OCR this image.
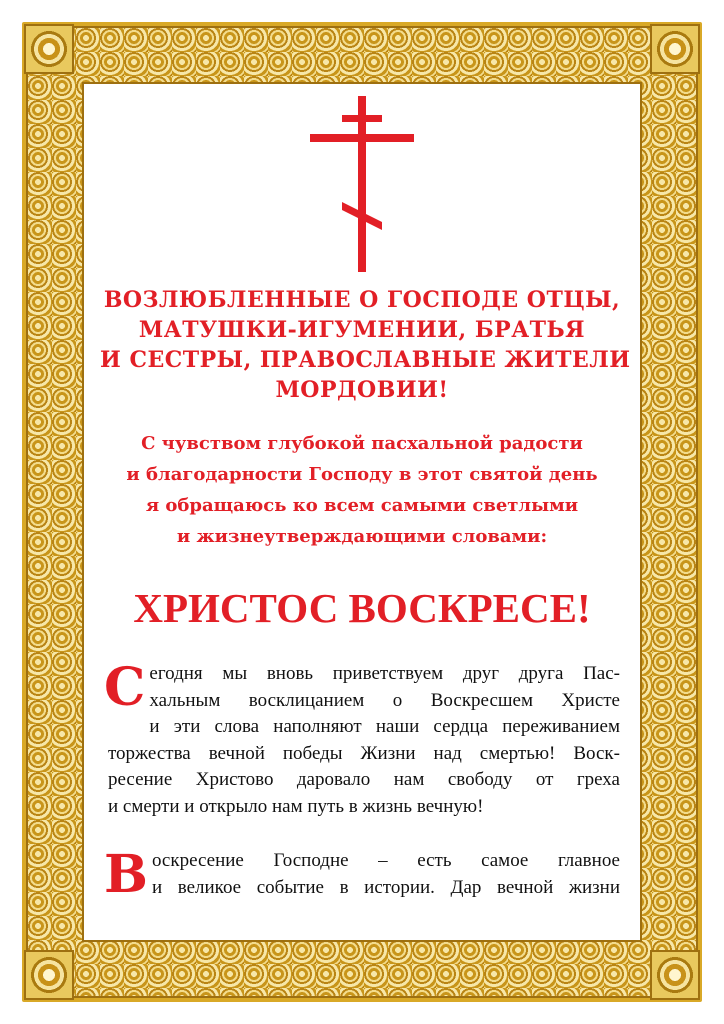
ВОЗЛЮБЛЕННЫЕ О ГОСПОДЕ ОТЦЫ,
МАТУШКИ-ИГУМЕНИИ, БРАТЬЯ
И СЕСТРЫ, ПРАВОСЛАВНЫЕ ЖИТЕЛИ
МОРДОВИИ!
С чувством глубокой пасхальной радости
и благодарности Господу в этот святой день
я обращаюсь ко всем самыми светлыми
и жизнеутверждающими словами:
ХРИСТОС ВОСКРЕСЕ!
С егодня мы вновь приветствуем друг друга Пас-
хальным восклицанием о Воскресшем Христе
и эти слова наполняют наши сердца переживанием
торжества вечной победы Жизни над смертью! Воск-
ресение Христово даровало нам свободу от греха
и смерти и открыло нам путь в жизнь вечную!
В оскресение Господне – есть самое главное
и великое событие в истории. Дар вечной жизни
